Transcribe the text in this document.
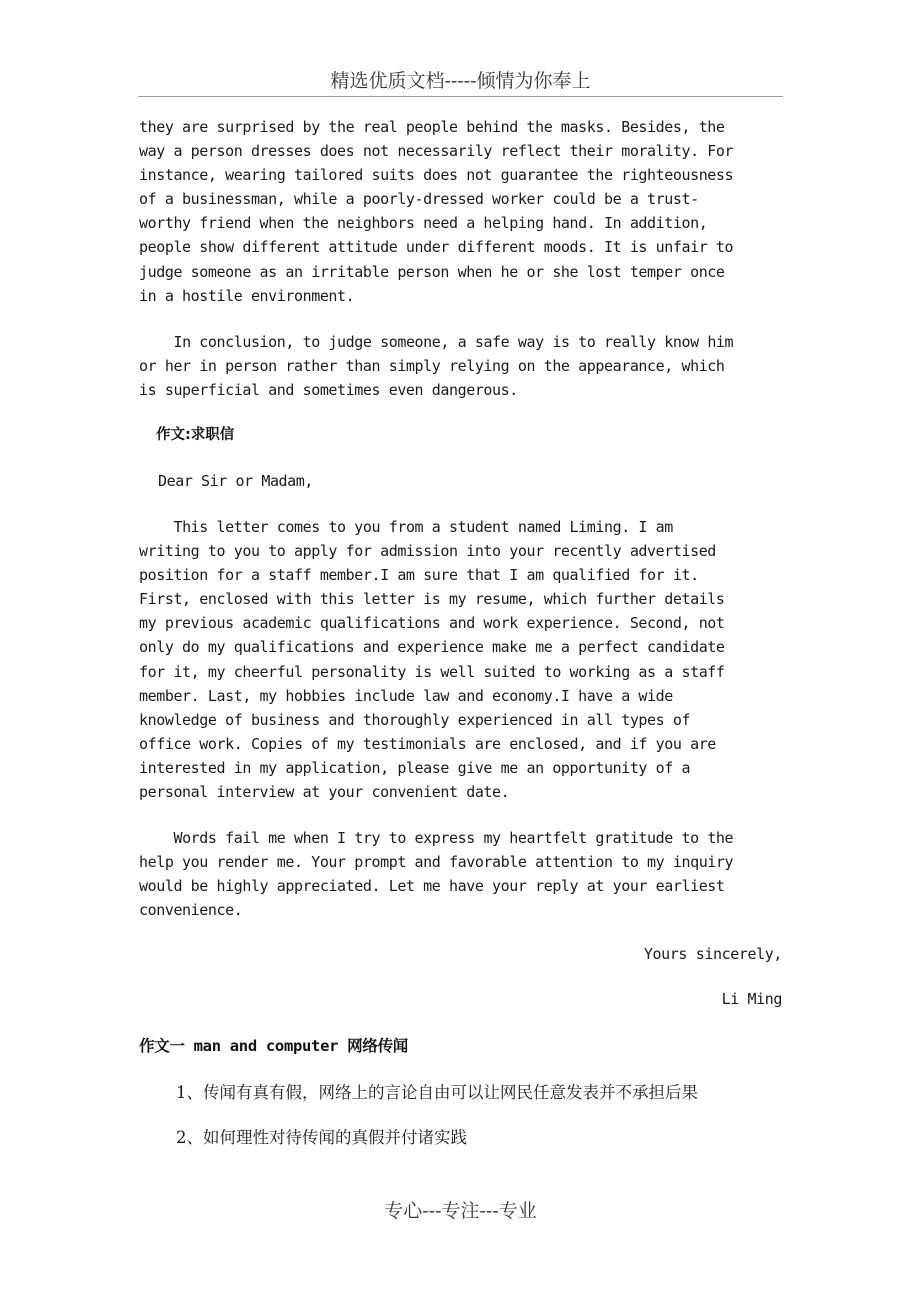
精选优质文档-----倾情为你奉上

they are surprised by the real people behind the masks. Besides, the
way a person dresses does not necessarily reflect their morality. For
instance, wearing tailored suits does not guarantee the righteousness
of a businessman, while a poorly-dressed worker could be a trust-
worthy friend when the neighbors need a helping hand. In addition,
people show different attitude under different moods. It is unfair to
judge someone as an irritable person when he or she lost temper once
in a hostile environment.

In conclusion, to judge someone, a safe way is to really know him
or her in person rather than simply relying on the appearance, which
is superficial and sometimes even dangerous.

作文:求职信

Dear Sir or Madam,

This letter comes to you from a student named Liming. I am
writing to you to apply for admission into your recently advertised
position for a staff member.I am sure that I am qualified for it.
First, enclosed with this letter is my resume, which further details
my previous academic qualifications and work experience. Second, not
only do my qualifications and experience make me a perfect candidate
for it, my cheerful personality is well suited to working as a staff
member. Last, my hobbies include law and economy.I have a wide
knowledge of business and thoroughly experienced in all types of
office work. Copies of my testimonials are enclosed, and if you are
interested in my application, please give me an opportunity of a
personal interview at your convenient date.

Words fail me when I try to express my heartfelt gratitude to the
help you render me. Your prompt and favorable attention to my inquiry
would be highly appreciated. Let me have your reply at your earliest
convenience.

Yours sincerely,

Li Ming

作文一 man and computer 网络传闻

1、传闻有真有假，网络上的言论自由可以让网民任意发表并不承担后果

2、如何理性对待传闻的真假并付诸实践

专心---专注---专业
